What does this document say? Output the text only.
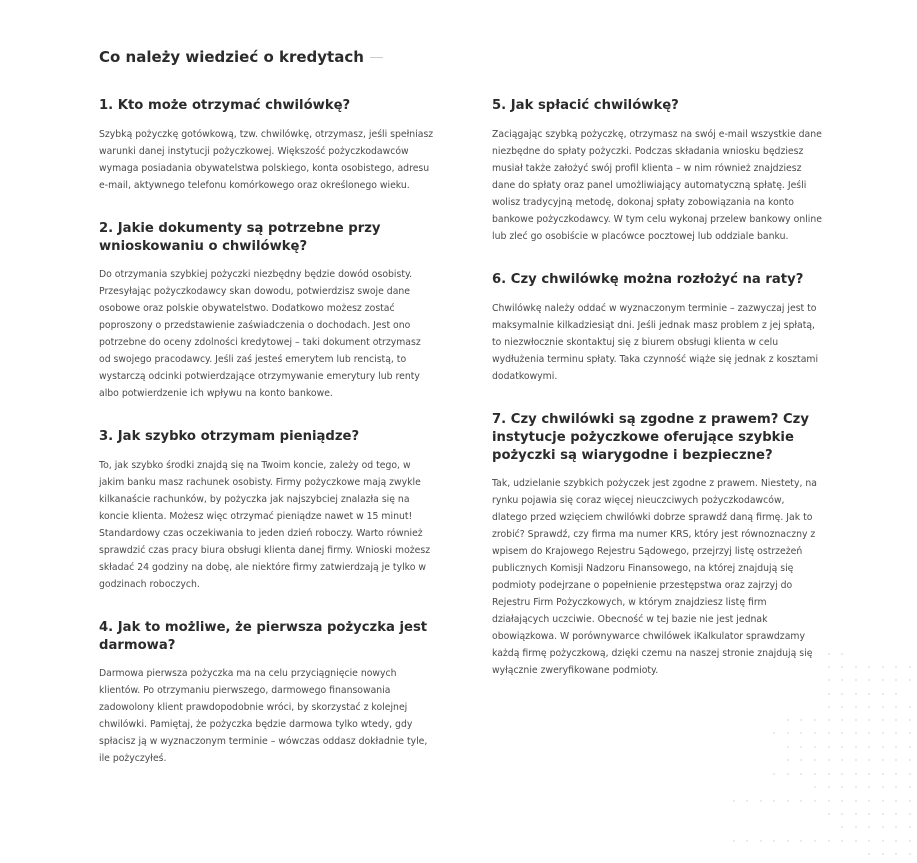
Co należy wiedzieć o kredytach
1. Kto może otrzymać chwilówkę?

Szybką pożyczkę gotówkową, tzw. chwilówkę, otrzymasz, jeśli spełniasz warunki danej instytucji pożyczkowej. Większość pożyczkodawców wymaga posiadania obywatelstwa polskiego, konta osobistego, adresu e-mail, aktywnego telefonu komórkowego oraz określonego wieku.

2. Jakie dokumenty są potrzebne przy wnioskowaniu o chwilówkę?

Do otrzymania szybkiej pożyczki niezbędny będzie dowód osobisty. Przesyłając pożyczkodawcy skan dowodu, potwierdzisz swoje dane osobowe oraz polskie obywatelstwo. Dodatkowo możesz zostać poproszony o przedstawienie zaświadczenia o dochodach. Jest ono potrzebne do oceny zdolności kredytowej – taki dokument otrzymasz od swojego pracodawcy. Jeśli zaś jesteś emerytem lub rencistą, to wystarczą odcinki potwierdzające otrzymywanie emerytury lub renty albo potwierdzenie ich wpływu na konto bankowe.

3. Jak szybko otrzymam pieniądze?

To, jak szybko środki znajdą się na Twoim koncie, zależy od tego, w jakim banku masz rachunek osobisty. Firmy pożyczkowe mają zwykle kilkanaście rachunków, by pożyczka jak najszybciej znalazła się na koncie klienta. Możesz więc otrzymać pieniądze nawet w 15 minut! Standardowy czas oczekiwania to jeden dzień roboczy. Warto również sprawdzić czas pracy biura obsługi klienta danej firmy. Wnioski możesz składać 24 godziny na dobę, ale niektóre firmy zatwierdzają je tylko w godzinach roboczych.

4. Jak to możliwe, że pierwsza pożyczka jest darmowa?

Darmowa pierwsza pożyczka ma na celu przyciągnięcie nowych klientów. Po otrzymaniu pierwszego, darmowego finansowania zadowolony klient prawdopodobnie wróci, by skorzystać z kolejnej chwilówki. Pamiętaj, że pożyczka będzie darmowa tylko wtedy, gdy spłacisz ją w wyznaczonym terminie – wówczas oddasz dokładnie tyle, ile pożyczyłeś.

5. Jak spłacić chwilówkę?

Zaciągając szybką pożyczkę, otrzymasz na swój e-mail wszystkie dane niezbędne do spłaty pożyczki. Podczas składania wniosku będziesz musiał także założyć swój profil klienta – w nim również znajdziesz dane do spłaty oraz panel umożliwiający automatyczną spłatę. Jeśli wolisz tradycyjną metodę, dokonaj spłaty zobowiązania na konto bankowe pożyczkodawcy. W tym celu wykonaj przelew bankowy online lub zleć go osobiście w placówce pocztowej lub oddziale banku.

6. Czy chwilówkę można rozłożyć na raty?

Chwilówkę należy oddać w wyznaczonym terminie – zazwyczaj jest to maksymalnie kilkadziesiąt dni. Jeśli jednak masz problem z jej spłatą, to niezwłocznie skontaktuj się z biurem obsługi klienta w celu wydłużenia terminu spłaty. Taka czynność wiąże się jednak z kosztami dodatkowymi.

7. Czy chwilówki są zgodne z prawem? Czy instytucje pożyczkowe oferujące szybkie pożyczki są wiarygodne i bezpieczne?

Tak, udzielanie szybkich pożyczek jest zgodne z prawem. Niestety, na rynku pojawia się coraz więcej nieuczciwych pożyczkodawców, dlatego przed wzięciem chwilówki dobrze sprawdź daną firmę. Jak to zrobić? Sprawdź, czy firma ma numer KRS, który jest równoznaczny z wpisem do Krajowego Rejestru Sądowego, przejrzyj listę ostrzeżeń publicznych Komisji Nadzoru Finansowego, na której znajdują się podmioty podejrzane o popełnienie przestępstwa oraz zajrzyj do Rejestru Firm Pożyczkowych, w którym znajdziesz listę firm działających uczciwie. Obecność w tej bazie nie jest jednak obowiązkowa. W porównywarce chwilówek iKalkulator sprawdzamy każdą firmę pożyczkową, dzięki czemu na naszej stronie znajdują się wyłącznie zweryfikowane podmioty.
